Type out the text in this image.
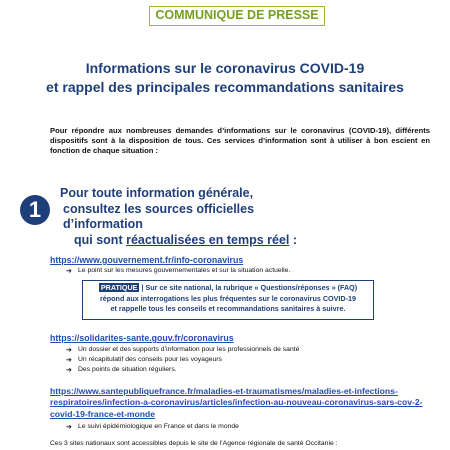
COMMUNIQUE DE PRESSE
Informations sur le coronavirus COVID-19
et rappel des principales recommandations sanitaires
Pour répondre aux nombreuses demandes d’informations sur le coronavirus (COVID-19), différents dispositifs sont à la disposition de tous. Ces services d’information sont à utiliser à bon escient en fonction de chaque situation :
1
Pour toute information générale,
consultez les sources officielles d’information
qui sont réactualisées en temps réel :
https://www.gouvernement.fr/info-coronavirus
➔ Le point sur les mesures gouvernementales et sur la situation actuelle.
PRATIQUE | Sur ce site national, la rubrique « Questions/réponses » (FAQ)
répond aux interrogations les plus fréquentes sur le coronavirus COVID-19
et rappelle tous les conseils et recommandations sanitaires à suivre.
https://solidarites-sante.gouv.fr/coronavirus
➔ Un dossier et des supports d’information pour les professionnels de santé
➔ Un récapitulatif des conseils pour les voyageurs
➔ Des points de situation réguliers.
https://www.santepubliquefrance.fr/maladies-et-traumatismes/maladies-et-infections-respiratoires/infection-a-coronavirus/articles/infection-au-nouveau-coronavirus-sars-cov-2-covid-19-france-et-monde
➔ Le suivi épidémiologique en France et dans le monde
Ces 3 sites nationaux sont accessibles depuis le site de l’Agence régionale de santé Occitanie :
